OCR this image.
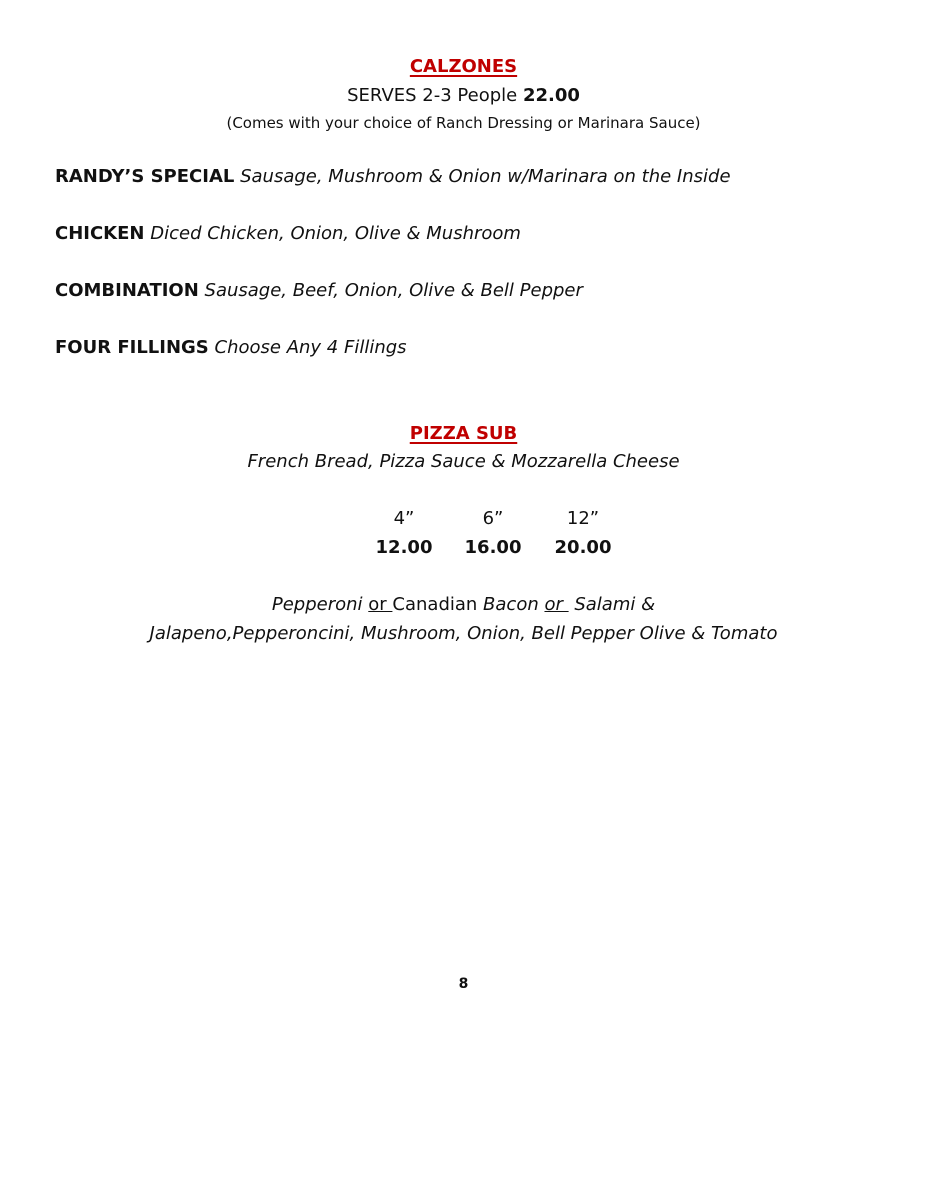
CALZONES
SERVES 2-3 People 22.00
(Comes with your choice of Ranch Dressing or Marinara Sauce)
RANDY’S SPECIAL Sausage, Mushroom & Onion w/Marinara on the Inside
CHICKEN Diced Chicken, Onion, Olive & Mushroom
COMBINATION Sausage, Beef, Onion, Olive & Bell Pepper
FOUR FILLINGS Choose Any 4 Fillings
PIZZA SUB
French Bread, Pizza Sauce & Mozzarella Cheese
4”	6”	12”
12.00	16.00	20.00
Pepperoni or Canadian Bacon or  Salami &
Jalapeno,Pepperoncini, Mushroom, Onion, Bell Pepper Olive & Tomato
8
